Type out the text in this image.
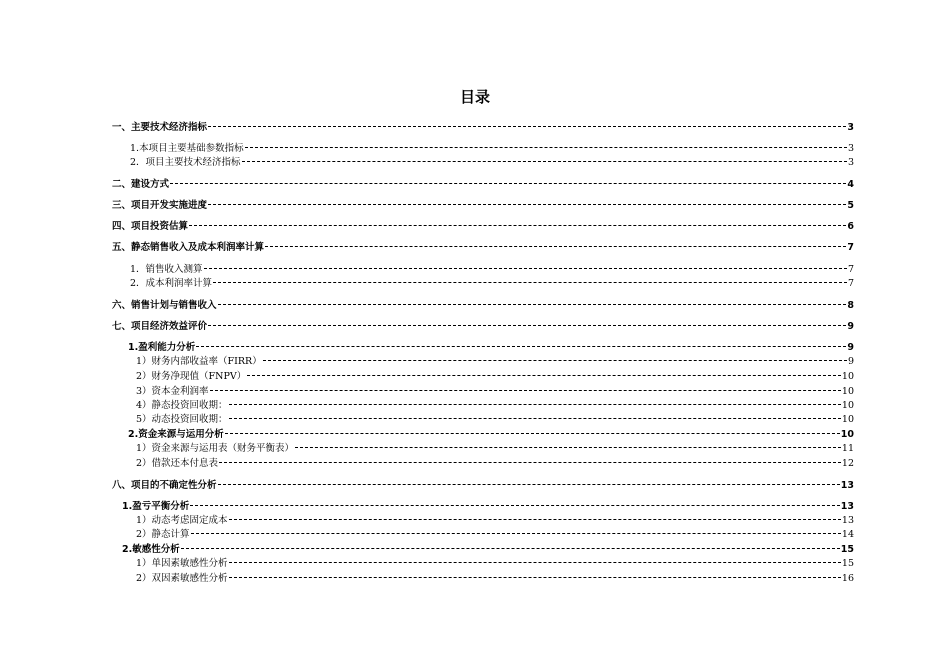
目录
一、主要技术经济指标	3
1.本项目主要基础参数指标	3
2．项目主要技术经济指标	3
二、建设方式	4
三、项目开发实施进度	5
四、项目投资估算	6
五、静态销售收入及成本利润率计算	7
1．销售收入测算	7
2．成本利润率计算	7
六、销售计划与销售收入	8
七、项目经济效益评价	9
1.盈利能力分析	9
1）财务内部收益率（FIRR）	9
2）财务净现值（FNPV）	10
3）资本金利润率	10
4）静态投资回收期：	10
5）动态投资回收期：	10
2.资金来源与运用分析	10
1）资金来源与运用表（财务平衡表）	11
2）借款还本付息表	12
八、项目的不确定性分析	13
1.盈亏平衡分析	13
1）动态考虑固定成本	13
2）静态计算	14
2.敏感性分析	15
1）单因素敏感性分析	15
2）双因素敏感性分析	16
